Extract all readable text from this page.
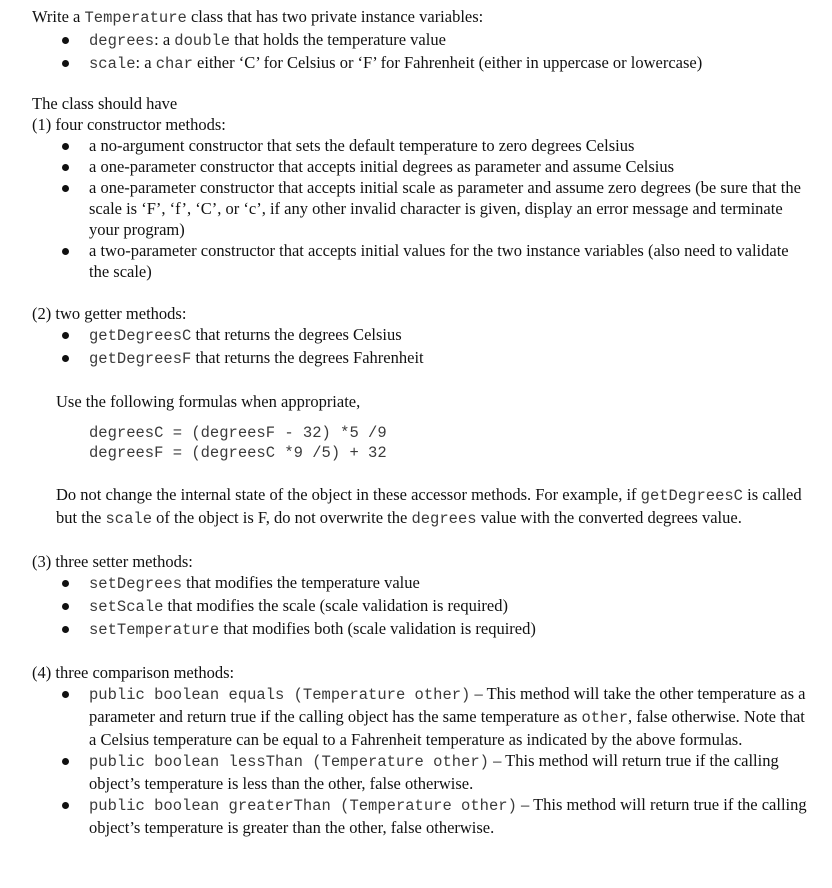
Write a Temperature class that has two private instance variables:

degrees: a double that holds the temperature value
scale: a char either ‘C’ for Celsius or ‘F’ for Fahrenheit (either in uppercase or lowercase)

The class should have

(1) four constructor methods:

a no-argument constructor that sets the default temperature to zero degrees Celsius
a one-parameter constructor that accepts initial degrees as parameter and assume Celsius
a one-parameter constructor that accepts initial scale as parameter and assume zero degrees (be sure that the scale is ‘F’, ‘f’, ‘C’, or ‘c’, if any other invalid character is given, display an error message and terminate your program)
a two-parameter constructor that accepts initial values for the two instance variables (also need to validate the scale)

(2) two getter methods:

getDegreesC that returns the degrees Celsius
getDegreesF that returns the degrees Fahrenheit

Use the following formulas when appropriate,

degreesC = (degreesF - 32) *5 /9
degreesF = (degreesC *9 /5) + 32

Do not change the internal state of the object in these accessor methods. For example, if getDegreesC is called but the scale of the object is F, do not overwrite the degrees value with the converted degrees value.

(3) three setter methods:

setDegrees that modifies the temperature value
setScale that modifies the scale (scale validation is required)
setTemperature that modifies both (scale validation is required)

(4) three comparison methods:

public boolean equals (Temperature other) – This method will take the other temperature as a parameter and return true if the calling object has the same temperature as other, false otherwise. Note that a Celsius temperature can be equal to a Fahrenheit temperature as indicated by the above formulas.
public boolean lessThan (Temperature other) – This method will return true if the calling object’s temperature is less than the other, false otherwise.
public boolean greaterThan (Temperature other) – This method will return true if the calling object’s temperature is greater than the other, false otherwise.
